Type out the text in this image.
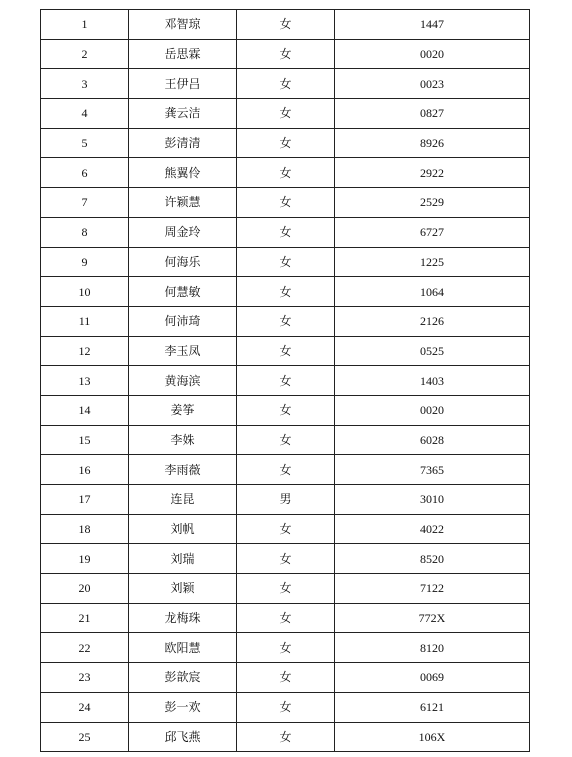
1	邓智琼	女	1447
2	岳思霖	女	0020
3	王伊吕	女	0023
4	龚云洁	女	0827
5	彭清清	女	8926
6	熊翼伶	女	2922
7	许颖慧	女	2529
8	周金玲	女	6727
9	何海乐	女	1225
10	何慧敏	女	1064
11	何沛琦	女	2126
12	李玉凤	女	0525
13	黄海滨	女	1403
14	姜筝	女	0020
15	李姝	女	6028
16	李雨薇	女	7365
17	连昆	男	3010
18	刘帆	女	4022
19	刘瑞	女	8520
20	刘颖	女	7122
21	龙梅珠	女	772X
22	欧阳慧	女	8120
23	彭歆宸	女	0069
24	彭一欢	女	6121
25	邱飞燕	女	106X
